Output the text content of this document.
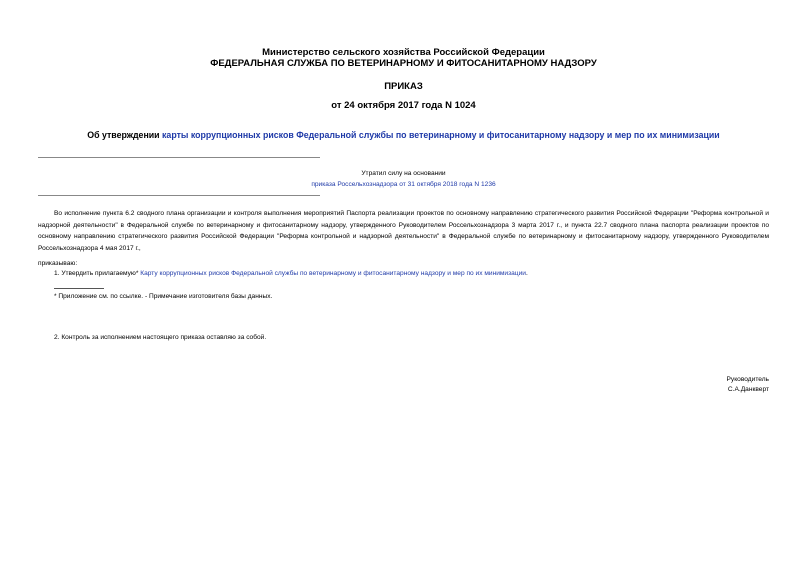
Министерство сельского хозяйства Российской Федерации
ФЕДЕРАЛЬНАЯ СЛУЖБА ПО ВЕТЕРИНАРНОМУ И ФИТОСАНИТАРНОМУ НАДЗОРУ
ПРИКАЗ
от 24 октября 2017 года N 1024
Об утверждении карты коррупционных рисков Федеральной службы по ветеринарному и фитосанитарному надзору и мер по их минимизации
Утратил силу на основании
приказа Россельхознадзора от 31 октября 2018 года N 1236
Во исполнение пункта 6.2 сводного плана организации и контроля выполнения мероприятий Паспорта реализации проектов по основному направлению стратегического развития Российской Федерации "Реформа контрольной и надзорной деятельности" в Федеральной службе по ветеринарному и фитосанитарному надзору, утвержденного Руководителем Россельхознадзора 3 марта 2017 г., и пункта 22.7 сводного плана паспорта реализации проектов по основному направлению стратегического развития Российской Федерации "Реформа контрольной и надзорной деятельности" в Федеральной службе по ветеринарному и фитосанитарному надзору, утвержденного Руководителем Россельхознадзора 4 мая 2017 г.,
приказываю:
1. Утвердить прилагаемую* Карту коррупционных рисков Федеральной службы по ветеринарному и фитосанитарному надзору и мер по их минимизации.
* Приложение см. по ссылке. - Примечание изготовителя базы данных.
2. Контроль за исполнением настоящего приказа оставляю за собой.
Руководитель
С.А.Данкверт
